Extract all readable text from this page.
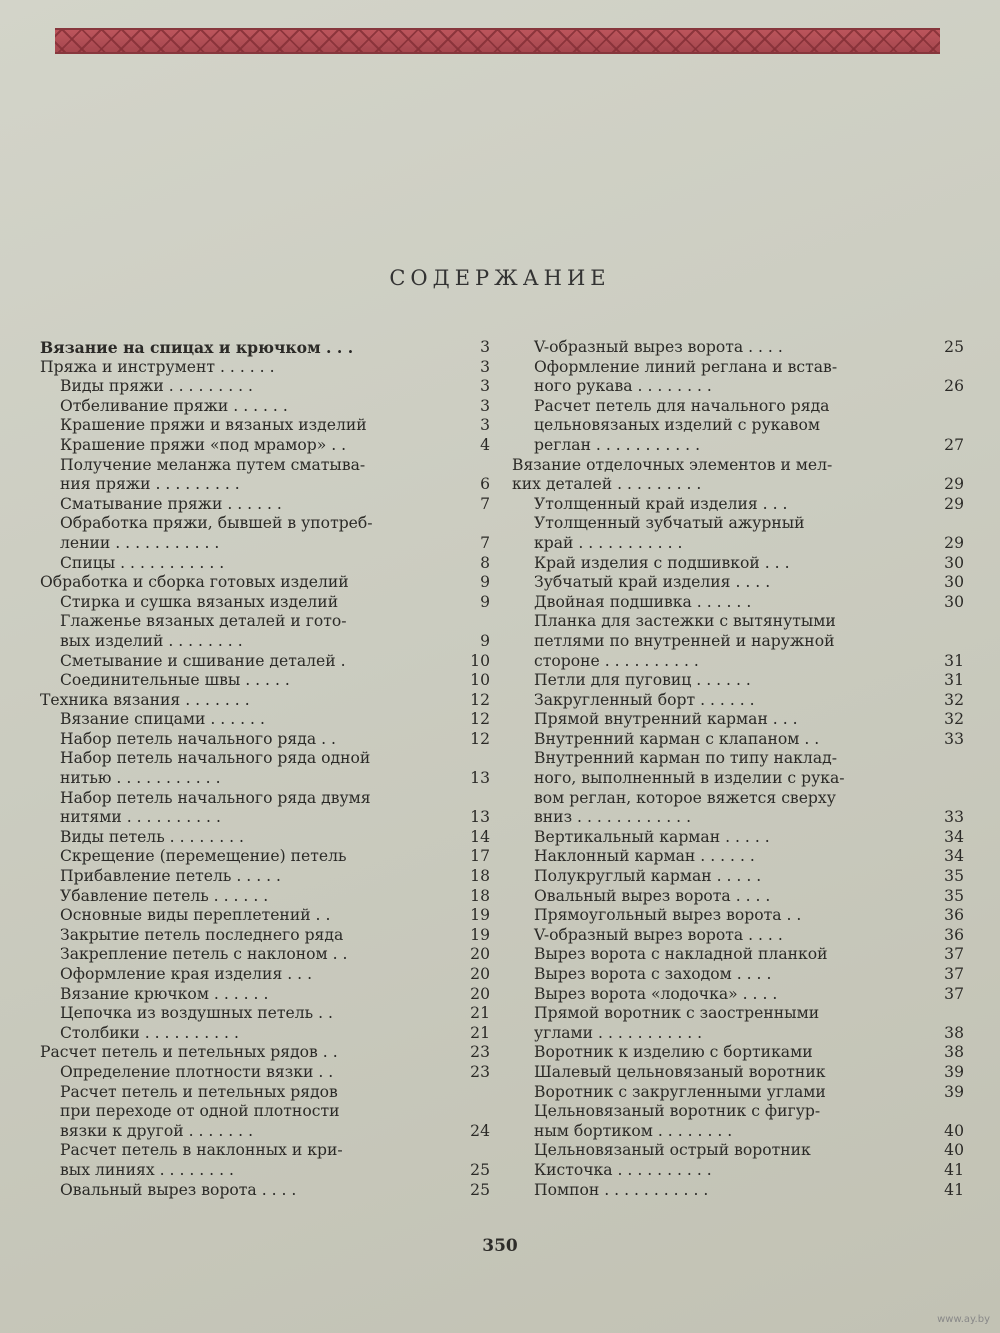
СОДЕРЖАНИЕ
Вязание на спицах и крючком . . .	3
Пряжа и инструмент . . . . . .	3
Виды пряжи . . . . . . . . .	3
Отбеливание пряжи . . . . . .	3
Крашение пряжи и вязаных изделий	3
Крашение пряжи «под мрамор» . .	4
Получение меланжа путем сматыва-
ния пряжи . . . . . . . . .	6
Сматывание пряжи . . . . . .	7
Обработка пряжи, бывшей в употреб-
лении . . . . . . . . . . .	7
Спицы . . . . . . . . . . .	8
Обработка и сборка готовых изделий	9
Стирка и сушка вязаных изделий	9
Глаженье вязаных деталей и гото-
вых изделий . . . . . . . .	9
Сметывание и сшивание деталей .	10
Соединительные швы . . . . .	10
Техника вязания . . . . . . .	12
Вязание спицами . . . . . .	12
Набор петель начального ряда . .	12
Набор петель начального ряда одной
нитью . . . . . . . . . . .	13
Набор петель начального ряда двумя
нитями . . . . . . . . . .	13
Виды петель . . . . . . . .	14
Скрещение (перемещение) петель	17
Прибавление петель . . . . .	18
Убавление петель . . . . . .	18
Основные виды переплетений . .	19
Закрытие петель последнего ряда	19
Закрепление петель с наклоном . .	20
Оформление края изделия . . .	20
Вязание крючком . . . . . .	20
Цепочка из воздушных петель . .	21
Столбики . . . . . . . . . .	21
Расчет петель и петельных рядов . .	23
Определение плотности вязки . .	23
Расчет петель и петельных рядов
при переходе от одной плотности
вязки к другой . . . . . . .	24
Расчет петель в наклонных и кри-
вых линиях . . . . . . . .	25
Овальный вырез ворота . . . .	25
V-образный вырез ворота . . . .	25
Оформление линий реглана и встав-
ного рукава . . . . . . . .	26
Расчет петель для начального ряда
цельновязаных изделий с рукавом
реглан . . . . . . . . . . .	27
Вязание отделочных элементов и мел-
ких деталей . . . . . . . . .	29
Утолщенный край изделия . . .	29
Утолщенный зубчатый ажурный
край . . . . . . . . . . .	29
Край изделия с подшивкой . . .	30
Зубчатый край изделия . . . .	30
Двойная подшивка . . . . . .	30
Планка для застежки с вытянутыми
петлями по внутренней и наружной
стороне . . . . . . . . . .	31
Петли для пуговиц . . . . . .	31
Закругленный борт . . . . . .	32
Прямой внутренний карман . . .	32
Внутренний карман с клапаном . .	33
Внутренний карман по типу наклад-
ного, выполненный в изделии с рука-
вом реглан, которое вяжется сверху
вниз . . . . . . . . . . . .	33
Вертикальный карман . . . . .	34
Наклонный карман . . . . . .	34
Полукруглый карман . . . . .	35
Овальный вырез ворота . . . .	35
Прямоугольный вырез ворота . .	36
V-образный вырез ворота . . . .	36
Вырез ворота с накладной планкой	37
Вырез ворота с заходом . . . .	37
Вырез ворота «лодочка» . . . .	37
Прямой воротник с заостренными
углами . . . . . . . . . . .	38
Воротник к изделию с бортиками	38
Шалевый цельновязаный воротник	39
Воротник с закругленными углами	39
Цельновязаный воротник с фигур-
ным бортиком . . . . . . . .	40
Цельновязаный острый воротник	40
Кисточка . . . . . . . . . .	41
Помпон . . . . . . . . . . .	41
350
www.ay.by
